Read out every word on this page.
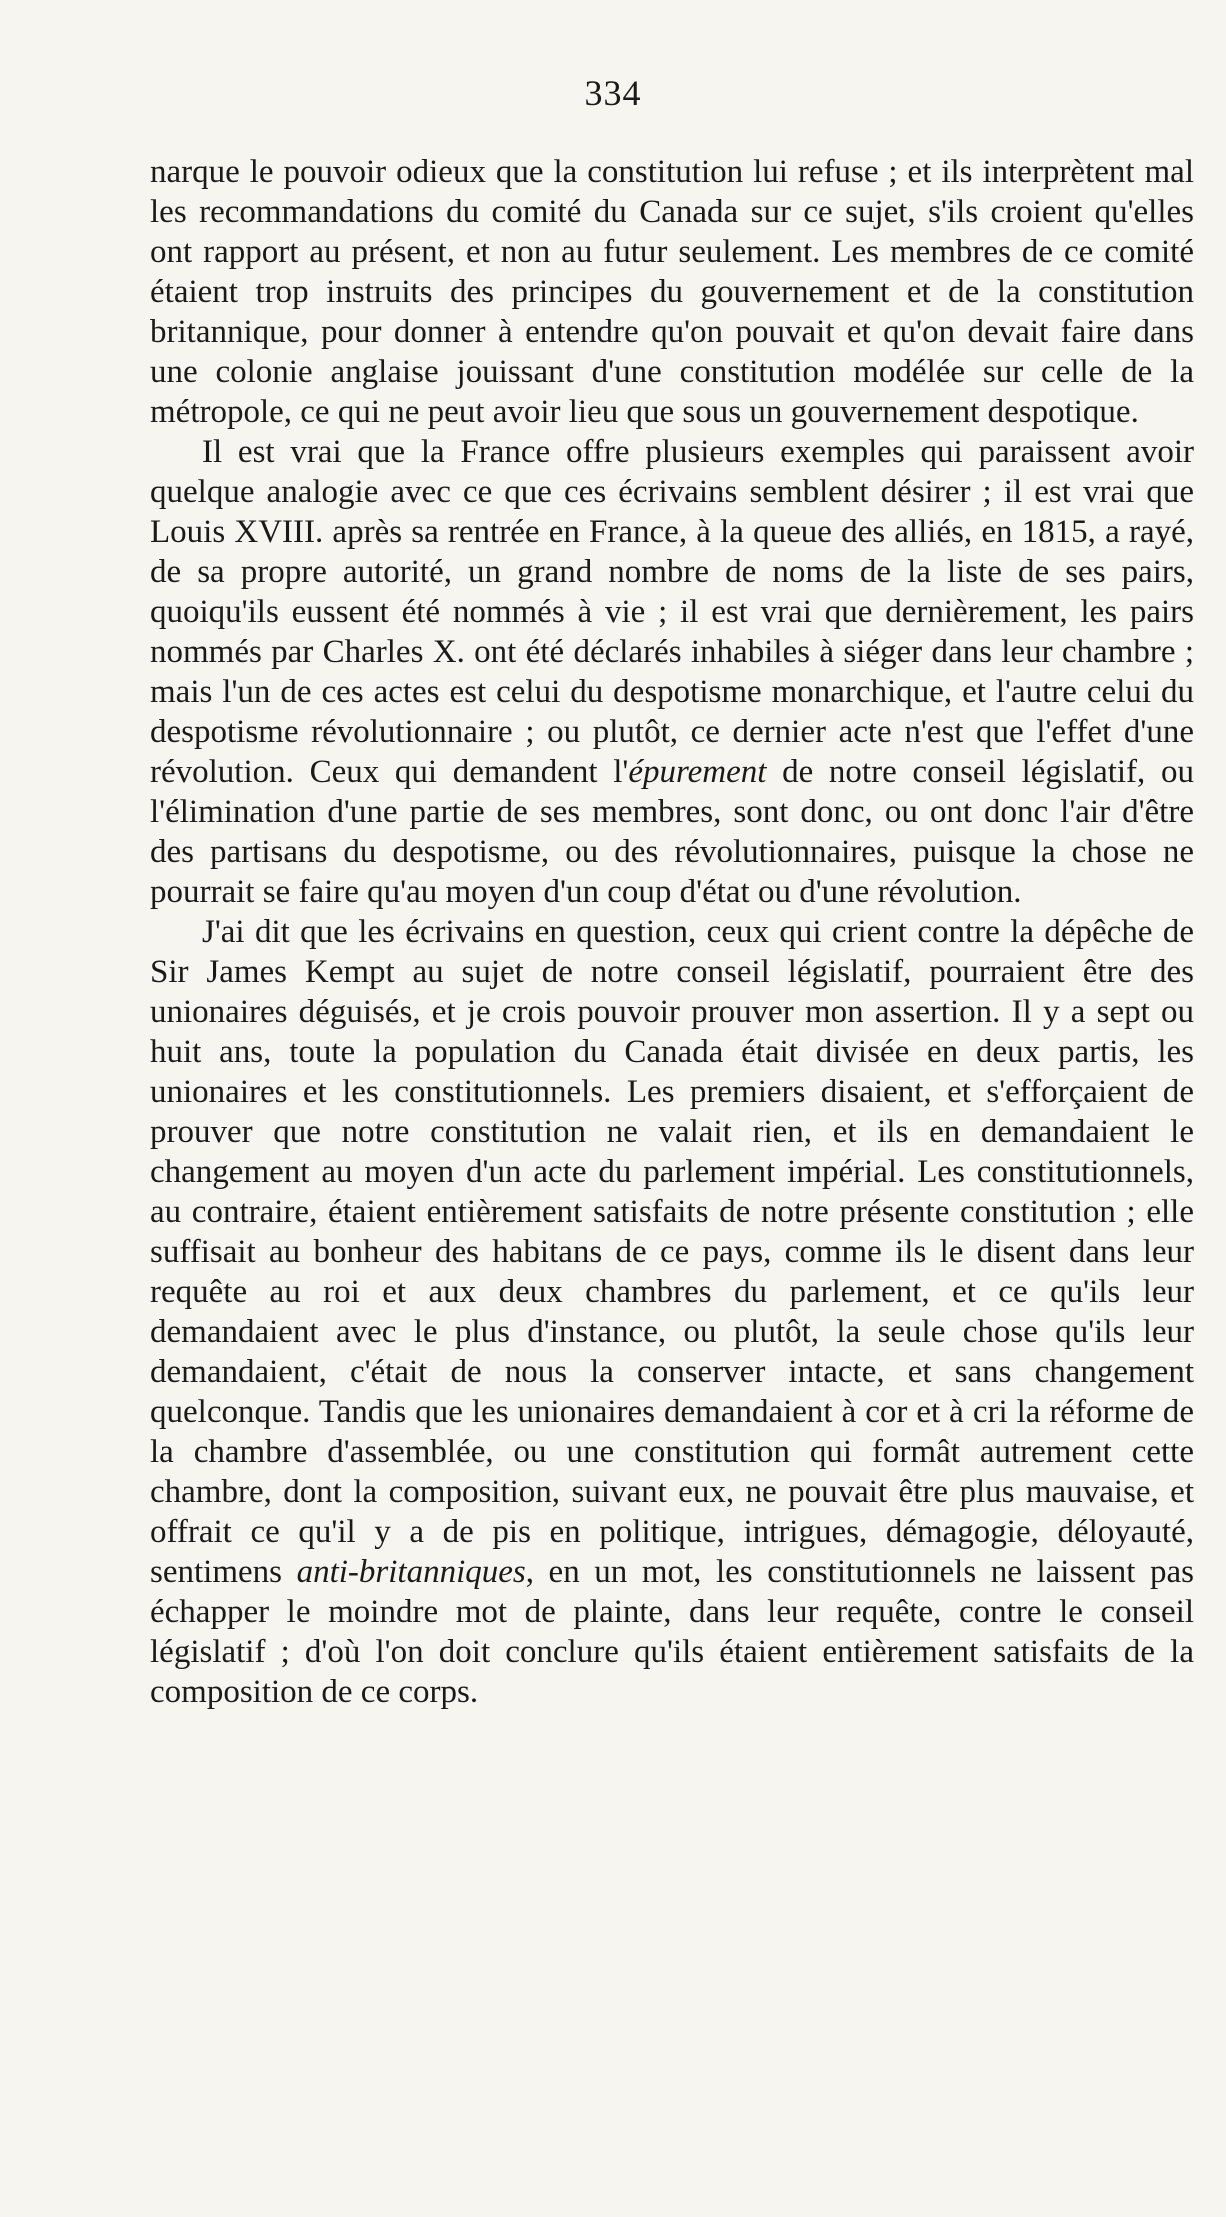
334

narque le pouvoir odieux que la constitution lui refuse ; et ils interprètent mal les recommandations du comité du Canada sur ce sujet, s'ils croient qu'elles ont rapport au présent, et non au futur seulement. Les membres de ce comité étaient trop instruits des principes du gouvernement et de la constitution britannique, pour donner à entendre qu'on pouvait et qu'on devait faire dans une colonie anglaise jouissant d'une constitution modélée sur celle de la métropole, ce qui ne peut avoir lieu que sous un gouvernement despotique.

Il est vrai que la France offre plusieurs exemples qui paraissent avoir quelque analogie avec ce que ces écrivains semblent désirer ; il est vrai que Louis XVIII. après sa rentrée en France, à la queue des alliés, en 1815, a rayé, de sa propre autorité, un grand nombre de noms de la liste de ses pairs, quoiqu'ils eussent été nommés à vie ; il est vrai que dernièrement, les pairs nommés par Charles X. ont été déclarés inhabiles à siéger dans leur chambre ; mais l'un de ces actes est celui du despotisme monarchique, et l'autre celui du despotisme révolutionnaire ; ou plutôt, ce dernier acte n'est que l'effet d'une révolution. Ceux qui demandent l'épurement de notre conseil législatif, ou l'élimination d'une partie de ses membres, sont donc, ou ont donc l'air d'être des partisans du despotisme, ou des révolutionnaires, puisque la chose ne pourrait se faire qu'au moyen d'un coup d'état ou d'une révolution.

J'ai dit que les écrivains en question, ceux qui crient contre la dépêche de Sir James Kempt au sujet de notre conseil législatif, pourraient être des unionaires déguisés, et je crois pouvoir prouver mon assertion. Il y a sept ou huit ans, toute la population du Canada était divisée en deux partis, les unionaires et les constitutionnels. Les premiers disaient, et s'efforçaient de prouver que notre constitution ne valait rien, et ils en demandaient le changement au moyen d'un acte du parlement impérial. Les constitutionnels, au contraire, étaient entièrement satisfaits de notre présente constitution ; elle suffisait au bonheur des habitans de ce pays, comme ils le disent dans leur requête au roi et aux deux chambres du parlement, et ce qu'ils leur demandaient avec le plus d'instance, ou plutôt, la seule chose qu'ils leur demandaient, c'était de nous la conserver intacte, et sans changement quelconque. Tandis que les unionaires demandaient à cor et à cri la réforme de la chambre d'assemblée, ou une constitution qui formât autrement cette chambre, dont la composition, suivant eux, ne pouvait être plus mauvaise, et offrait ce qu'il y a de pis en politique, intrigues, démagogie, déloyauté, sentimens anti-britanniques, en un mot, les constitutionnels ne laissent pas échapper le moindre mot de plainte, dans leur requête, contre le conseil législatif ; d'où l'on doit conclure qu'ils étaient entièrement satisfaits de la composition de ce corps.
